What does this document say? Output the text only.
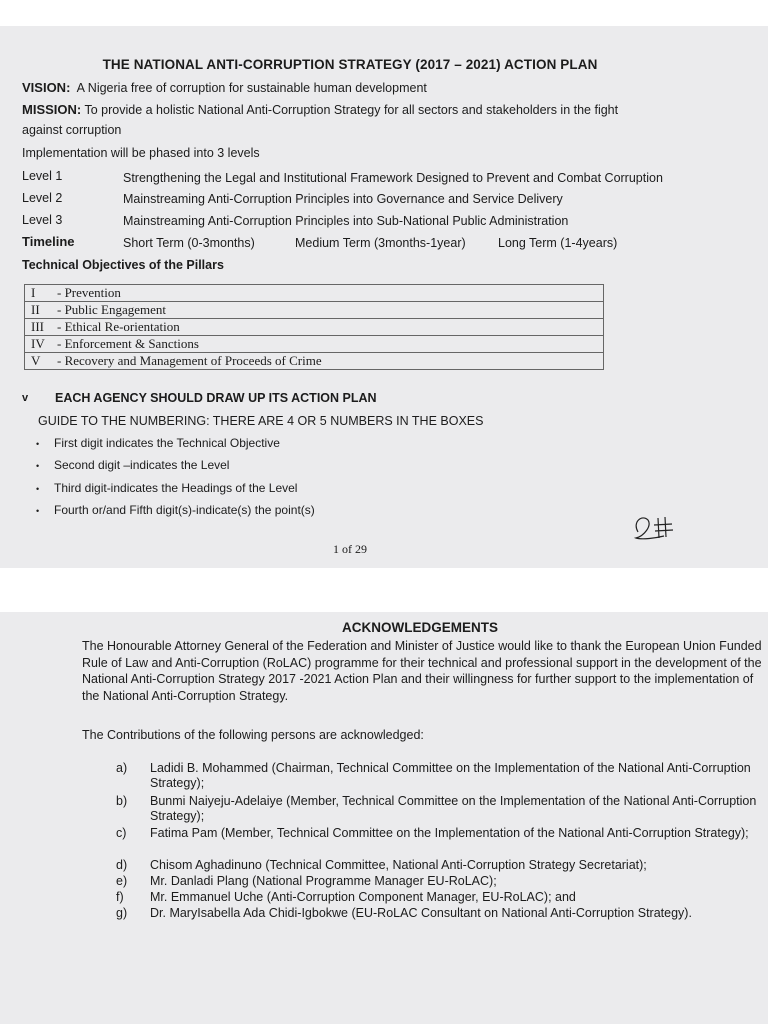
THE NATIONAL ANTI-CORRUPTION STRATEGY (2017 – 2021) ACTION PLAN
VISION: A Nigeria free of corruption for sustainable human development
MISSION: To provide a holistic National Anti-Corruption Strategy for all sectors and stakeholders in the fight
against corruption
Implementation will be phased into 3 levels
Level 1	Strengthening the Legal and Institutional Framework Designed to Prevent and Combat Corruption
Level 2	Mainstreaming Anti-Corruption Principles into Governance and Service Delivery
Level 3	Mainstreaming Anti-Corruption Principles into Sub-National Public Administration
Timeline	Short Term (0-3months)	Medium Term (3months-1year)	Long Term (1-4years)
Technical Objectives of the Pillars
I - Prevention
II - Public Engagement
III - Ethical Re-orientation
IV - Enforcement & Sanctions
V - Recovery and Management of Proceeds of Crime
v EACH AGENCY SHOULD DRAW UP ITS ACTION PLAN
GUIDE TO THE NUMBERING: THERE ARE 4 OR 5 NUMBERS IN THE BOXES
• First digit indicates the Technical Objective
• Second digit –indicates the Level
• Third digit-indicates the Headings of the Level
• Fourth or/and Fifth digit(s)-indicate(s) the point(s)
1 of 29
ACKNOWLEDGEMENTS
The Honourable Attorney General of the Federation and Minister of Justice would like to thank the European Union Funded Rule of Law and Anti-Corruption (RoLAC) programme for their technical and professional support in the development of the National Anti-Corruption Strategy 2017 -2021 Action Plan and their willingness for further support to the implementation of the National Anti-Corruption Strategy.
The Contributions of the following persons are acknowledged:
a) Ladidi B. Mohammed (Chairman, Technical Committee on the Implementation of the National Anti-Corruption Strategy);
b) Bunmi Naiyeju-Adelaiye (Member, Technical Committee on the Implementation of the National Anti-Corruption Strategy);
c) Fatima Pam (Member, Technical Committee on the Implementation of the National Anti-Corruption Strategy);
d) Chisom Aghadinuno (Technical Committee, National Anti-Corruption Strategy Secretariat);
e) Mr. Danladi Plang (National Programme Manager EU-RoLAC);
f) Mr. Emmanuel Uche (Anti-Corruption Component Manager, EU-RoLAC); and
g) Dr. MaryIsabella Ada Chidi-Igbokwe (EU-RoLAC Consultant on National Anti-Corruption Strategy).
